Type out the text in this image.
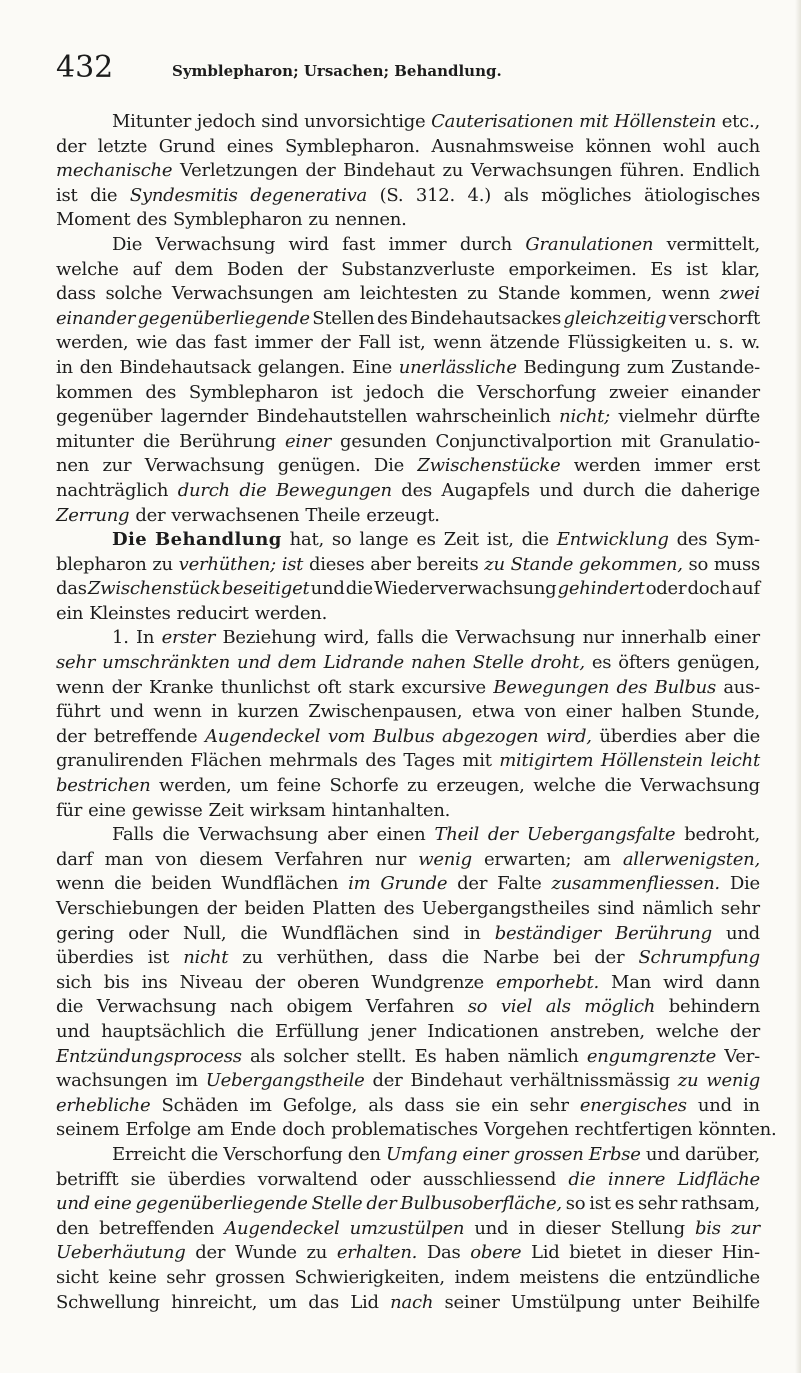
432	Symblepharon; Ursachen; Behandlung.
Mitunter jedoch sind unvorsichtige Cauterisationen mit Höllenstein etc.,
der letzte Grund eines Symblepharon. Ausnahmsweise können wohl auch
mechanische Verletzungen der Bindehaut zu Verwachsungen führen. Endlich
ist die Syndesmitis degenerativa (S. 312. 4.) als mögliches ätiologisches
Moment des Symblepharon zu nennen.
Die Verwachsung wird fast immer durch Granulationen vermittelt,
welche auf dem Boden der Substanzverluste emporkeimen. Es ist klar,
dass solche Verwachsungen am leichtesten zu Stande kommen, wenn zwei
einander gegenüberliegende Stellen des Bindehautsackes gleichzeitig verschorft
werden, wie das fast immer der Fall ist, wenn ätzende Flüssigkeiten u. s. w.
in den Bindehautsack gelangen. Eine unerlässliche Bedingung zum Zustande-
kommen des Symblepharon ist jedoch die Verschorfung zweier einander
gegenüber lagernder Bindehautstellen wahrscheinlich nicht; vielmehr dürfte
mitunter die Berührung einer gesunden Conjunctivalportion mit Granulatio-
nen zur Verwachsung genügen. Die Zwischenstücke werden immer erst
nachträglich durch die Bewegungen des Augapfels und durch die daherige
Zerrung der verwachsenen Theile erzeugt.
Die Behandlung hat, so lange es Zeit ist, die Entwicklung des Sym-
blepharon zu verhüthen; ist dieses aber bereits zu Stande gekommen, so muss
das Zwischenstück beseitiget und die Wiederverwachsung gehindert oder doch auf
ein Kleinstes reducirt werden.
1. In erster Beziehung wird, falls die Verwachsung nur innerhalb einer
sehr umschränkten und dem Lidrande nahen Stelle droht, es öfters genügen,
wenn der Kranke thunlichst oft stark excursive Bewegungen des Bulbus aus-
führt und wenn in kurzen Zwischenpausen, etwa von einer halben Stunde,
der betreffende Augendeckel vom Bulbus abgezogen wird, überdies aber die
granulirenden Flächen mehrmals des Tages mit mitigirtem Höllenstein leicht
bestrichen werden, um feine Schorfe zu erzeugen, welche die Verwachsung
für eine gewisse Zeit wirksam hintanhalten.
Falls die Verwachsung aber einen Theil der Uebergangsfalte bedroht,
darf man von diesem Verfahren nur wenig erwarten; am allerwenigsten,
wenn die beiden Wundflächen im Grunde der Falte zusammenfliessen. Die
Verschiebungen der beiden Platten des Uebergangstheiles sind nämlich sehr
gering oder Null, die Wundflächen sind in beständiger Berührung und
überdies ist nicht zu verhüthen, dass die Narbe bei der Schrumpfung
sich bis ins Niveau der oberen Wundgrenze emporhebt. Man wird dann
die Verwachsung nach obigem Verfahren so viel als möglich behindern
und hauptsächlich die Erfüllung jener Indicationen anstreben, welche der
Entzündungsprocess als solcher stellt. Es haben nämlich engumgrenzte Ver-
wachsungen im Uebergangstheile der Bindehaut verhältnissmässig zu wenig
erhebliche Schäden im Gefolge, als dass sie ein sehr energisches und in
seinem Erfolge am Ende doch problematisches Vorgehen rechtfertigen könnten.
Erreicht die Verschorfung den Umfang einer grossen Erbse und darüber,
betrifft sie überdies vorwaltend oder ausschliessend die innere Lidfläche
und eine gegenüberliegende Stelle der Bulbusoberfläche, so ist es sehr rathsam,
den betreffenden Augendeckel umzustülpen und in dieser Stellung bis zur
Ueberhäutung der Wunde zu erhalten. Das obere Lid bietet in dieser Hin-
sicht keine sehr grossen Schwierigkeiten, indem meistens die entzündliche
Schwellung hinreicht, um das Lid nach seiner Umstülpung unter Beihilfe
